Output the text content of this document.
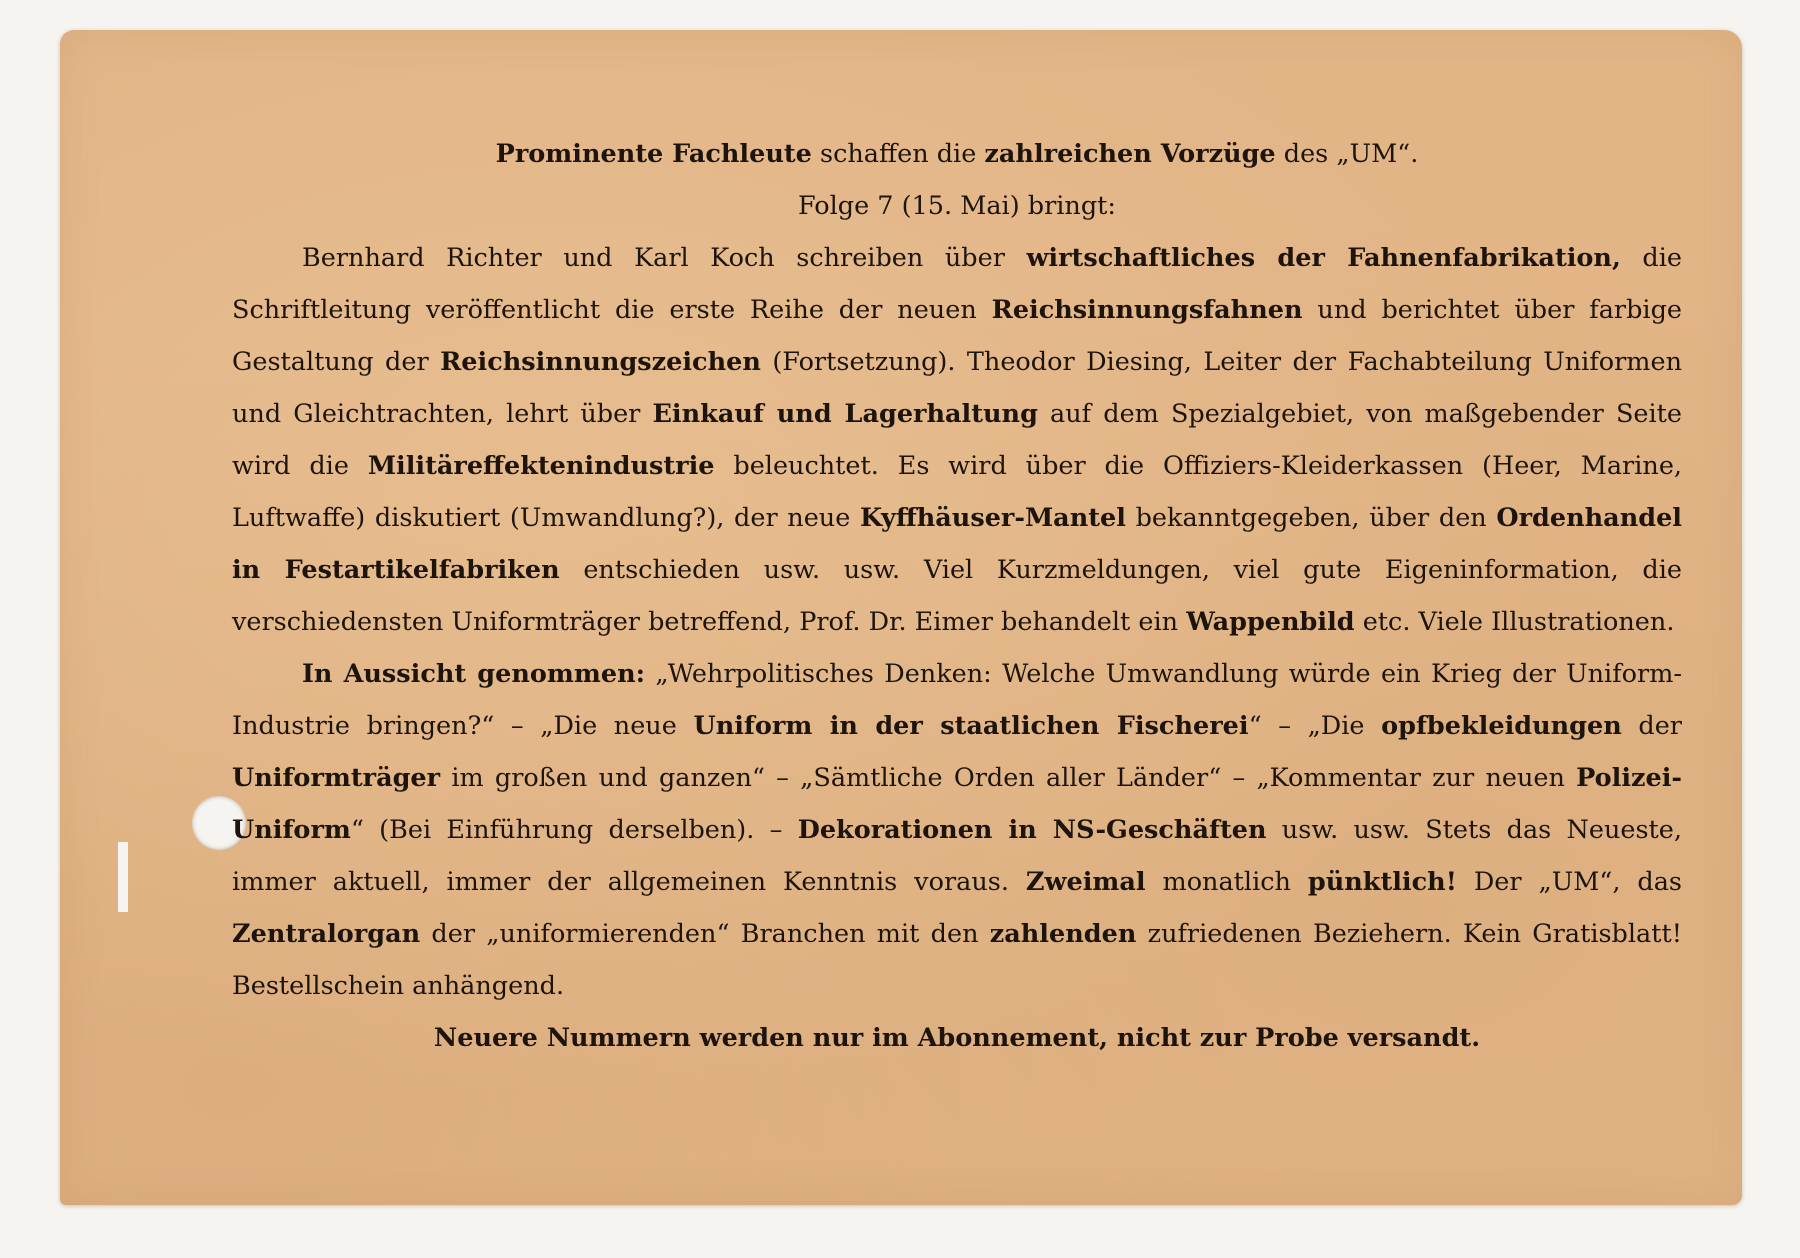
Prominente Fachleute schaffen die zahlreichen Vorzüge des „UM“.

Folge 7 (15. Mai) bringt:

Bernhard Richter und Karl Koch schreiben über wirtschaftliches der Fahnenfabrikation, die Schriftleitung veröffentlicht die erste Reihe der neuen Reichsinnungsfahnen und berichtet über farbige Gestaltung der Reichsinnungszeichen (Fortsetzung). Theodor Diesing, Leiter der Fachabteilung Uniformen und Gleichtrachten, lehrt über Einkauf und Lagerhaltung auf dem Spezialgebiet, von maßgebender Seite wird die Militäreffektenindustrie beleuchtet. Es wird über die Offiziers-Kleiderkassen (Heer, Marine, Luftwaffe) diskutiert (Umwandlung?), der neue Kyffhäuser-Mantel bekanntgegeben, über den Ordenhandel in Festartikelfabriken entschieden usw. usw. Viel Kurzmeldungen, viel gute Eigeninformation, die verschiedensten Uniformträger betreffend, Prof. Dr. Eimer behandelt ein Wappenbild etc. Viele Illustrationen.

In Aussicht genommen: „Wehrpolitisches Denken: Welche Umwandlung würde ein Krieg der Uniform-Industrie bringen?“ – „Die neue Uniform in der staatlichen Fischerei“ – „Die opfbekleidungen der Uniformträger im großen und ganzen“ – „Sämtliche Orden aller Länder“ – „Kommentar zur neuen Polizei-Uniform“ (Bei Einführung derselben). – Dekorationen in NS-Geschäften usw. usw. Stets das Neueste, immer aktuell, immer der allgemeinen Kenntnis voraus. Zweimal monatlich pünktlich! Der „UM“, das Zentralorgan der „uniformierenden“ Branchen mit den zahlenden zufriedenen Beziehern. Kein Gratisblatt! Bestellschein anhängend.

Neuere Nummern werden nur im Abonnement, nicht zur Probe versandt.
